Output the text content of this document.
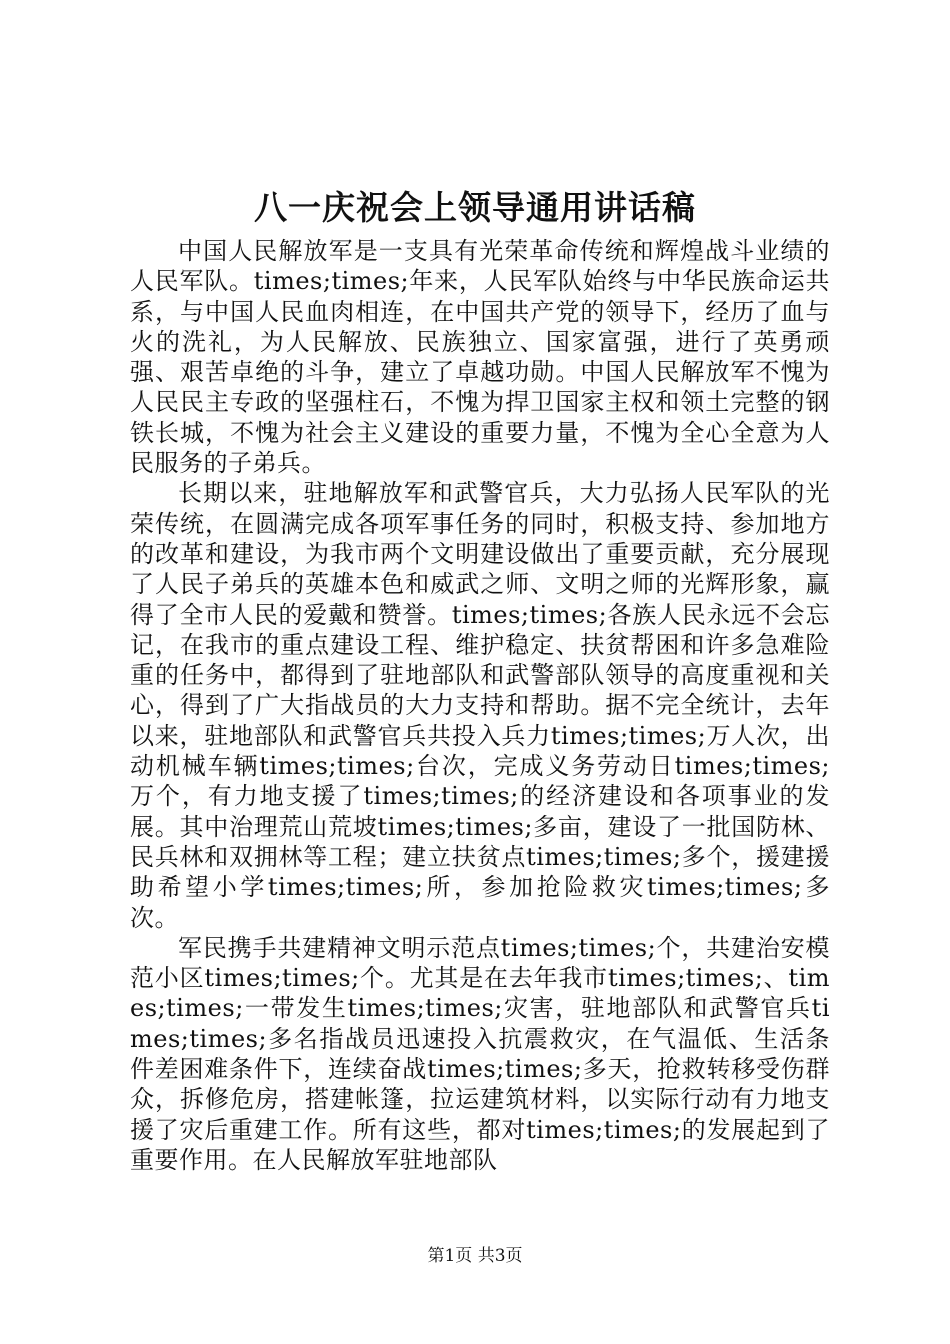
八一庆祝会上领导通用讲话稿

中国人民解放军是一支具有光荣革命传统和辉煌战斗业绩的人民军队。times;times;年来，人民军队始终与中华民族命运共系，与中国人民血肉相连，在中国共产党的领导下，经历了血与火的洗礼，为人民解放、民族独立、国家富强，进行了英勇顽强、艰苦卓绝的斗争，建立了卓越功勋。中国人民解放军不愧为人民民主专政的坚强柱石，不愧为捍卫国家主权和领土完整的钢铁长城，不愧为社会主义建设的重要力量，不愧为全心全意为人民服务的子弟兵。

长期以来，驻地解放军和武警官兵，大力弘扬人民军队的光荣传统，在圆满完成各项军事任务的同时，积极支持、参加地方的改革和建设，为我市两个文明建设做出了重要贡献，充分展现了人民子弟兵的英雄本色和威武之师、文明之师的光辉形象，赢得了全市人民的爱戴和赞誉。times;times;各族人民永远不会忘记，在我市的重点建设工程、维护稳定、扶贫帮困和许多急难险重的任务中，都得到了驻地部队和武警部队领导的高度重视和关心，得到了广大指战员的大力支持和帮助。据不完全统计，去年以来，驻地部队和武警官兵共投入兵力times;times;万人次，出动机械车辆times;times;台次，完成义务劳动日times;times;万个，有力地支援了times;times;的经济建设和各项事业的发展。其中治理荒山荒坡times;times;多亩，建设了一批国防林、民兵林和双拥林等工程；建立扶贫点times;times;多个，援建援助希望小学times;times;所，参加抢险救灾times;times;多次。

军民携手共建精神文明示范点times;times;个，共建治安模范小区times;times;个。尤其是在去年我市times;times;、times;times;一带发生times;times;灾害，驻地部队和武警官兵times;times;多名指战员迅速投入抗震救灾，在气温低、生活条件差困难条件下，连续奋战times;times;多天，抢救转移受伤群众，拆修危房，搭建帐篷，拉运建筑材料，以实际行动有力地支援了灾后重建工作。所有这些，都对times;times;的发展起到了重要作用。在人民解放军驻地部队

第1页 共3页
